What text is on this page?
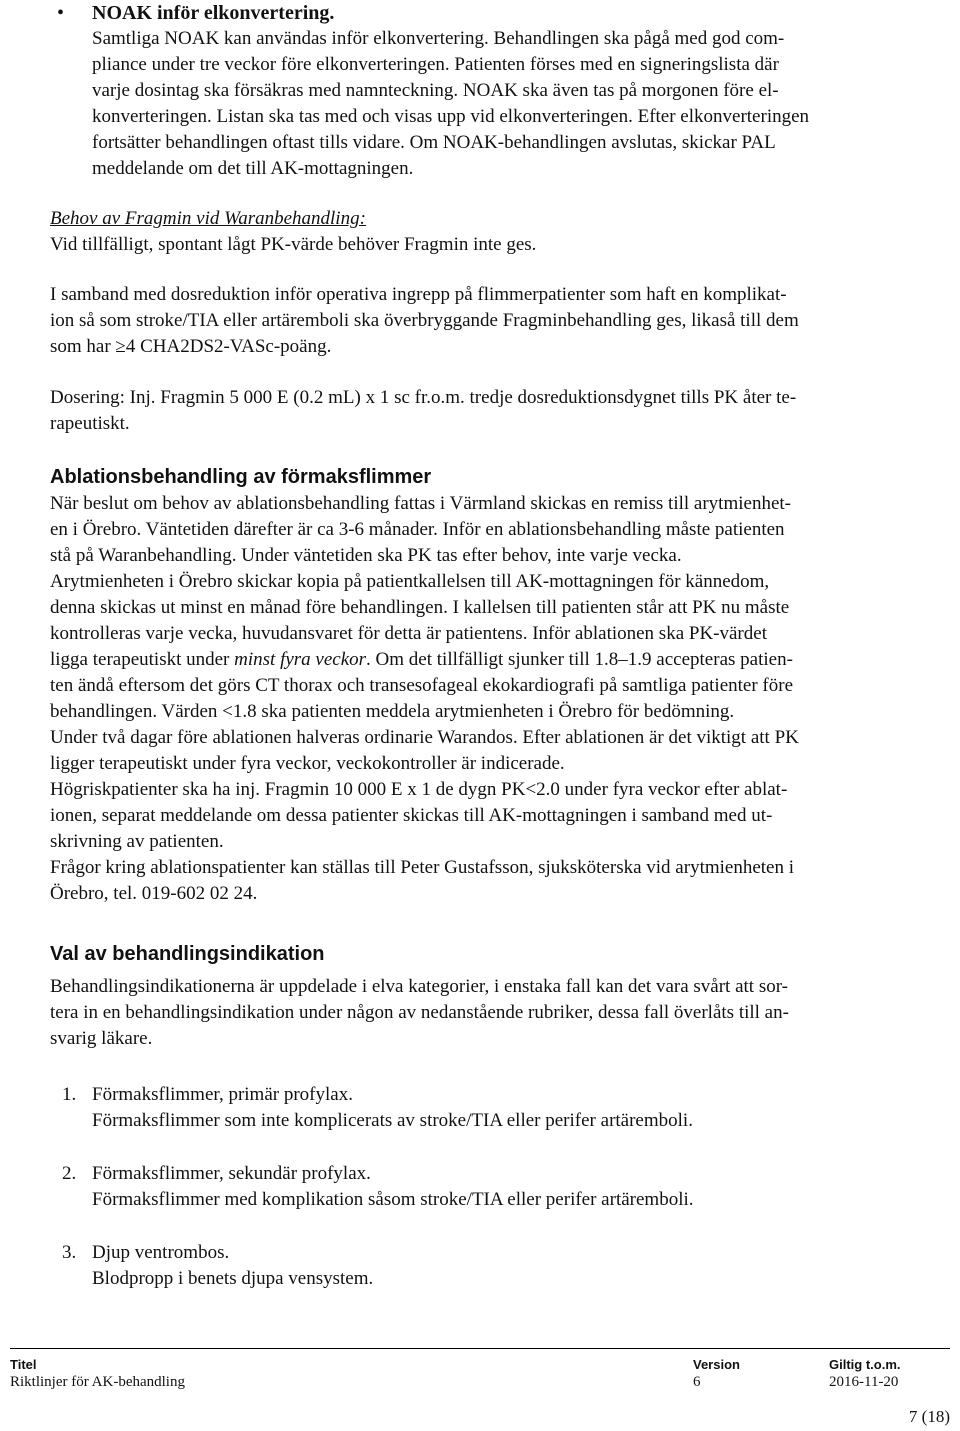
• NOAK inför elkonvertering.

Samtliga NOAK kan användas inför elkonvertering. Behandlingen ska pågå med god com-

pliance under tre veckor före elkonverteringen. Patienten förses med en signeringslista där

varje dosintag ska försäkras med namnteckning. NOAK ska även tas på morgonen före el-

konverteringen. Listan ska tas med och visas upp vid elkonverteringen. Efter elkonverteringen

fortsätter behandlingen oftast tills vidare. Om NOAK-behandlingen avslutas, skickar PAL

meddelande om det till AK-mottagningen.

Behov av Fragmin vid Waranbehandling:

Vid tillfälligt, spontant lågt PK-värde behöver Fragmin inte ges.

I samband med dosreduktion inför operativa ingrepp på flimmerpatienter som haft en komplikat-

ion så som stroke/TIA eller artäremboli ska överbryggande Fragminbehandling ges, likaså till dem

som har ≥4 CHA2DS2-VASc-poäng.

Dosering: Inj. Fragmin 5 000 E (0.2 mL) x 1 sc fr.o.m. tredje dosreduktionsdygnet tills PK åter te-

rapeutiskt.

Ablationsbehandling av förmaksflimmer

När beslut om behov av ablationsbehandling fattas i Värmland skickas en remiss till arytmienhet-

en i Örebro. Väntetiden därefter är ca 3-6 månader. Inför en ablationsbehandling måste patienten

stå på Waranbehandling. Under väntetiden ska PK tas efter behov, inte varje vecka.

Arytmienheten i Örebro skickar kopia på patientkallelsen till AK-mottagningen för kännedom,

denna skickas ut minst en månad före behandlingen. I kallelsen till patienten står att PK nu måste

kontrolleras varje vecka, huvudansvaret för detta är patientens. Inför ablationen ska PK-värdet

ligga terapeutiskt under minst fyra veckor. Om det tillfälligt sjunker till 1.8–1.9 accepteras patien-

ten ändå eftersom det görs CT thorax och transesofageal ekokardiografi på samtliga patienter före

behandlingen. Värden <1.8 ska patienten meddela arytmienheten i Örebro för bedömning.

Under två dagar före ablationen halveras ordinarie Warandos. Efter ablationen är det viktigt att PK

ligger terapeutiskt under fyra veckor, veckokontroller är indicerade.

Högriskpatienter ska ha inj. Fragmin 10 000 E x 1 de dygn PK<2.0 under fyra veckor efter ablat-

ionen, separat meddelande om dessa patienter skickas till AK-mottagningen i samband med ut-

skrivning av patienten.

Frågor kring ablationspatienter kan ställas till Peter Gustafsson, sjuksköterska vid arytmienheten i

Örebro, tel. 019-602 02 24.

Val av behandlingsindikation

Behandlingsindikationerna är uppdelade i elva kategorier, i enstaka fall kan det vara svårt att sor-

tera in en behandlingsindikation under någon av nedanstående rubriker, dessa fall överlåts till an-

svarig läkare.

1. Förmaksflimmer, primär profylax.

Förmaksflimmer som inte komplicerats av stroke/TIA eller perifer artäremboli.

2. Förmaksflimmer, sekundär profylax.

Förmaksflimmer med komplikation såsom stroke/TIA eller perifer artäremboli.

3. Djup ventrombos.

Blodpropp i benets djupa vensystem.

Titel
Riktlinjer för AK-behandling
Version
6
Giltig t.o.m.
2016-11-20
7 (18)
